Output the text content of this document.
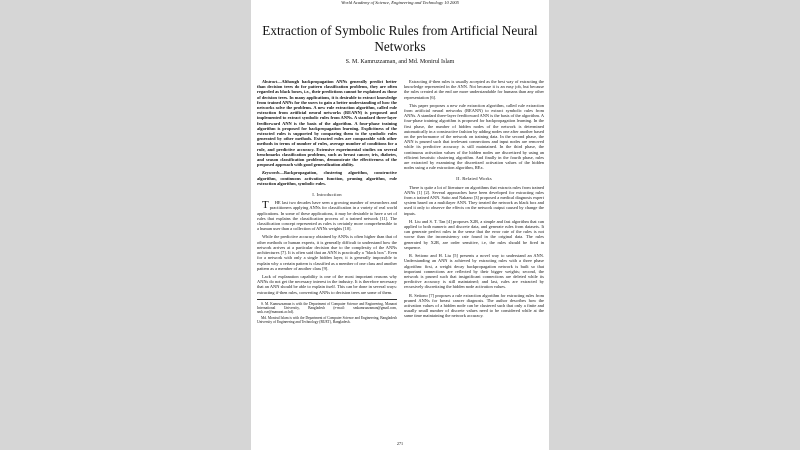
World Academy of Science, Engineering and Technology 10 2005
Extraction of Symbolic Rules from Artificial Neural Networks
S. M. Kamruzzaman, and Md. Monirul Islam

Abstract—Although backpropagation ANNs generally predict better than decision trees do for pattern classification problems, they are often regarded as black boxes, i.e., their predictions cannot be explained as those of decision trees. In many applications, it is desirable to extract knowledge from trained ANNs for the users to gain a better understanding of how the networks solve the problems. A new rule extraction algorithm, called rule extraction from artificial neural networks (REANN) is proposed and implemented to extract symbolic rules from ANNs. A standard three-layer feedforward ANN is the basis of the algorithm. A four-phase training algorithm is proposed for backpropagation learning. Explicitness of the extracted rules is supported by comparing them to the symbolic rules generated by other methods. Extracted rules are comparable with other methods in terms of number of rules, average number of conditions for a rule, and predictive accuracy. Extensive experimental studies on several benchmarks classification problems, such as breast cancer, iris, diabetes, and season classification problems, demonstrate the effectiveness of the proposed approach with good generalization ability.

Keywords—Backpropagation, clustering algorithm, constructive algorithm, continuous activation function, pruning algorithm, rule extraction algorithm, symbolic rules.

I. Introduction

T HE last two decades have seen a growing number of researchers and practitioners applying ANNs for classification in a variety of real world applications. In some of these applications, it may be desirable to have a set of rules that explains the classification process of a trained network [11]. The classification concept represented as rules is certainly more comprehensible to a human user than a collection of ANNs weights [10].

While the predictive accuracy obtained by ANNs is often higher than that of other methods or human experts, it is generally difficult to understand how the network arrives at a particular decision due to the complexity of the ANNs architectures [7]. It is often said that an ANN is practically a "black box". Even for a network with only a single hidden layer, it is generally impossible to explain why a certain pattern is classified as a member of one class and another pattern as a member of another class [9].

Lack of explanation capability is one of the most important reasons why ANNs do not get the necessary interest in the industry. It is therefore necessary that an ANN should be able to explain itself. This can be done in several ways: extracting if-then rules, converting ANNs to decision trees are some of them.

S. M. Kamruzzaman is with the Department of Computer Science and Engineering, Manarat International University, Bangladesh (e-mail: smkamruzzaman@gmail.com, smk.cse@manarat.ac.bd).

Md. Monirul Islam is with the Department of Computer Science and Engineering, Bangladesh University of Engineering and Technology (BUET), Bangladesh.

Extracting if-then rules is usually accepted as the best way of extracting the knowledge represented in the ANN. Not because it is an easy job, but because the rules created at the end are more understandable for humans than any other representation [6].

This paper proposes a new rule extraction algorithm, called rule extraction from artificial neural networks (REANN) to extract symbolic rules from ANNs. A standard three-layer feedforward ANN is the basis of the algorithm. A four-phase training algorithm is proposed for backpropagation learning. In the first phase, the number of hidden nodes of the network is determined automatically in a constructive fashion by adding nodes one after another based on the performance of the network on training data. In the second phase, the ANN is pruned such that irrelevant connections and input nodes are removed while its predictive accuracy is still maintained. In the third phase, the continuous activation values of the hidden nodes are discretized by using an efficient heuristic clustering algorithm. And finally in the fourth phase, rules are extracted by examining the discretized activation values of the hidden nodes using a rule extraction algorithm, REx.

II. Related Works

There is quite a lot of literature on algorithms that extracts rules from trained ANNs [1] [2]. Several approaches have been developed for extracting rules from a trained ANN. Saito and Nakano [3] proposed a medical diagnosis expert system based on a multilayer ANN. They treated the network as black box and used it only to observe the effects on the network output caused by change the inputs.

H. Liu and S. T. Tan [4] proposes X2R, a simple and fast algorithm that can applied to both numeric and discrete data, and generate rules from datasets. It can generate perfect rules in the sense that the error rate of the rules is not worse than the inconsistency rate found in the original data. The rules generated by X2R, are order sensitive, i.e, the rules should be fired in sequence.

R. Setiono and H. Liu [5] presents a novel way to understand an ANN. Understanding an ANN is achieved by extracting rules with a three phase algorithm: first, a weight decay backpropagation network is built so that important connections are reflected by their bigger weights; second, the network is pruned such that insignificant connections are deleted while its predictive accuracy is still maintained; and last, rules are extracted by recursively discretizing the hidden node activation values.

R. Setiono [7] proposes a rule extraction algorithm for extracting rules from pruned ANNs for breast cancer diagnosis. The author describes how the activation values of a hidden node can be clustered such that only a finite and usually small number of discrete values need to be considered while at the same time maintaining the network accuracy.

271
